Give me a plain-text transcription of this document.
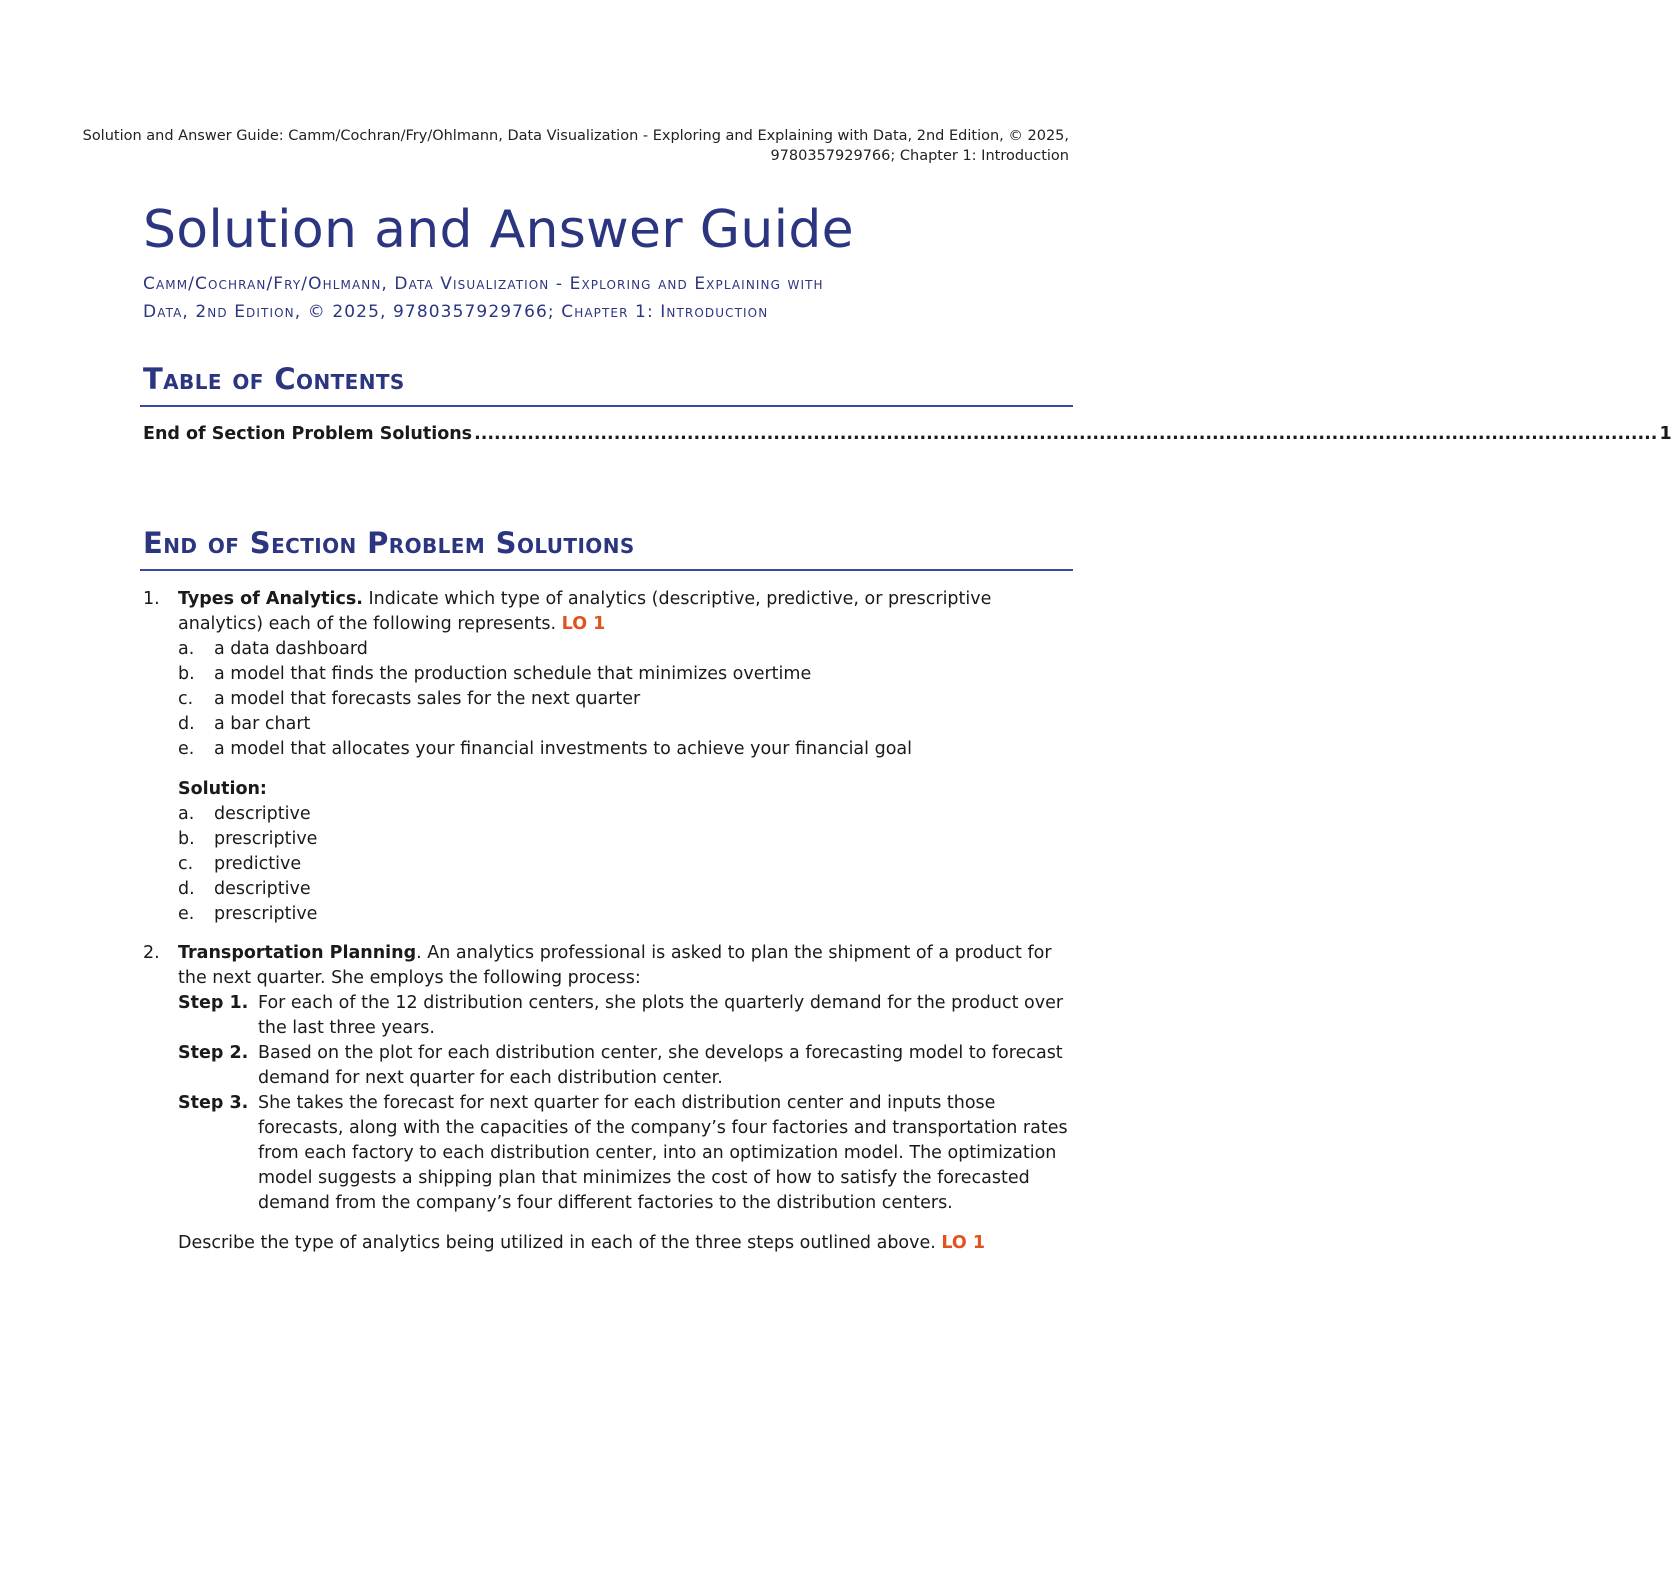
Solution and Answer Guide: Camm/Cochran/Fry/Ohlmann, Data Visualization - Exploring and Explaining with Data, 2nd Edition, © 2025,
9780357929766; Chapter 1: Introduction
Solution and Answer Guide
Camm/Cochran/Fry/Ohlmann, Data Visualization - Exploring and Explaining with
Data, 2nd Edition, © 2025, 9780357929766; Chapter 1: Introduction
Table of Contents
End of Section Problem Solutions .................................................................................................................................................................................. 1
End of Section Problem Solutions
1. Types of Analytics. Indicate which type of analytics (descriptive, predictive, or prescriptive analytics) each of the following represents. LO 1
a. a data dashboard
b. a model that finds the production schedule that minimizes overtime
c. a model that forecasts sales for the next quarter
d. a bar chart
e. a model that allocates your financial investments to achieve your financial goal
Solution:
a. descriptive
b. prescriptive
c. predictive
d. descriptive
e. prescriptive
2. Transportation Planning. An analytics professional is asked to plan the shipment of a product for the next quarter. She employs the following process:
Step 1. For each of the 12 distribution centers, she plots the quarterly demand for the product over the last three years.
Step 2. Based on the plot for each distribution center, she develops a forecasting model to forecast demand for next quarter for each distribution center.
Step 3. She takes the forecast for next quarter for each distribution center and inputs those forecasts, along with the capacities of the company’s four factories and transportation rates from each factory to each distribution center, into an optimization model. The optimization model suggests a shipping plan that minimizes the cost of how to satisfy the forecasted demand from the company’s four different factories to the distribution centers.
Describe the type of analytics being utilized in each of the three steps outlined above. LO 1
